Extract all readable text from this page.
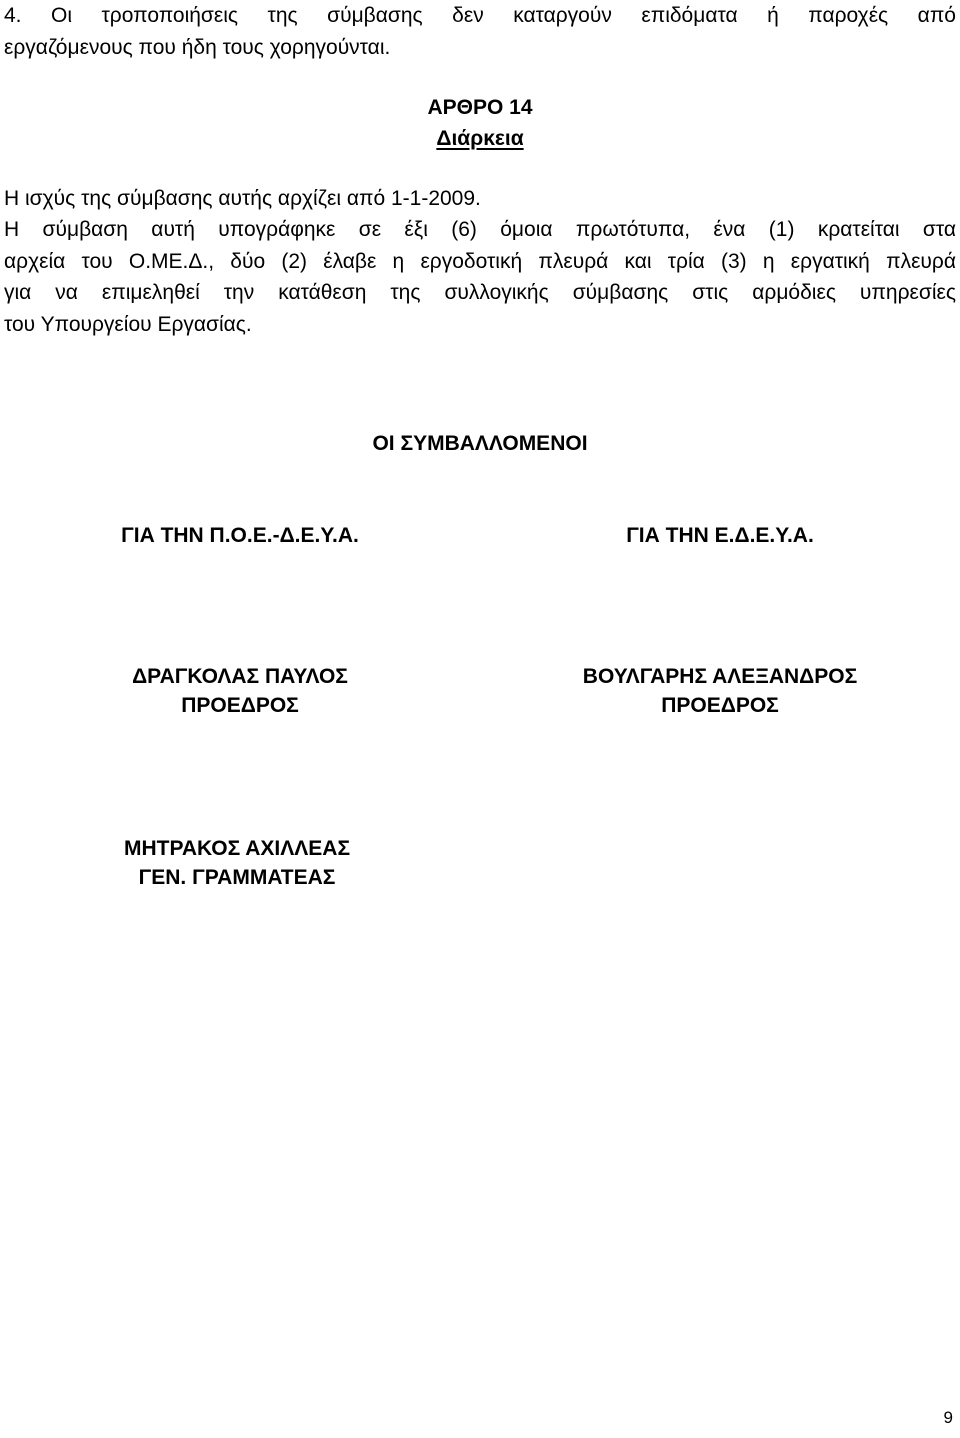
4. Οι τροποποιήσεις της σύμβασης δεν καταργούν επιδόματα ή παροχές από
εργαζόμενους που ήδη τους χορηγούνται.
ΑΡΘΡΟ 14
Διάρκεια
Η ισχύς της σύμβασης αυτής αρχίζει από 1-1-2009.
Η σύμβαση αυτή υπογράφηκε σε έξι (6) όμοια πρωτότυπα, ένα (1) κρατείται στα
αρχεία του Ο.ΜΕ.Δ., δύο (2) έλαβε η εργοδοτική πλευρά και τρία (3) η εργατική πλευρά
για να επιμεληθεί την κατάθεση της συλλογικής σύμβασης στις αρμόδιες υπηρεσίες
του Υπουργείου Εργασίας.
ΟΙ ΣΥΜΒΑΛΛΟΜΕΝΟΙ
ΓΙΑ ΤΗΝ Π.Ο.Ε.-Δ.Ε.Υ.Α.	ΓΙΑ ΤΗΝ Ε.Δ.Ε.Υ.Α.
ΔΡΑΓΚΟΛΑΣ ΠΑΥΛΟΣ
ΠΡΟΕΔΡΟΣ
ΒΟΥΛΓΑΡΗΣ ΑΛΕΞΑΝΔΡΟΣ
ΠΡΟΕΔΡΟΣ
ΜΗΤΡΑΚΟΣ ΑΧΙΛΛΕΑΣ
ΓΕΝ. ΓΡΑΜΜΑΤΕΑΣ
9
